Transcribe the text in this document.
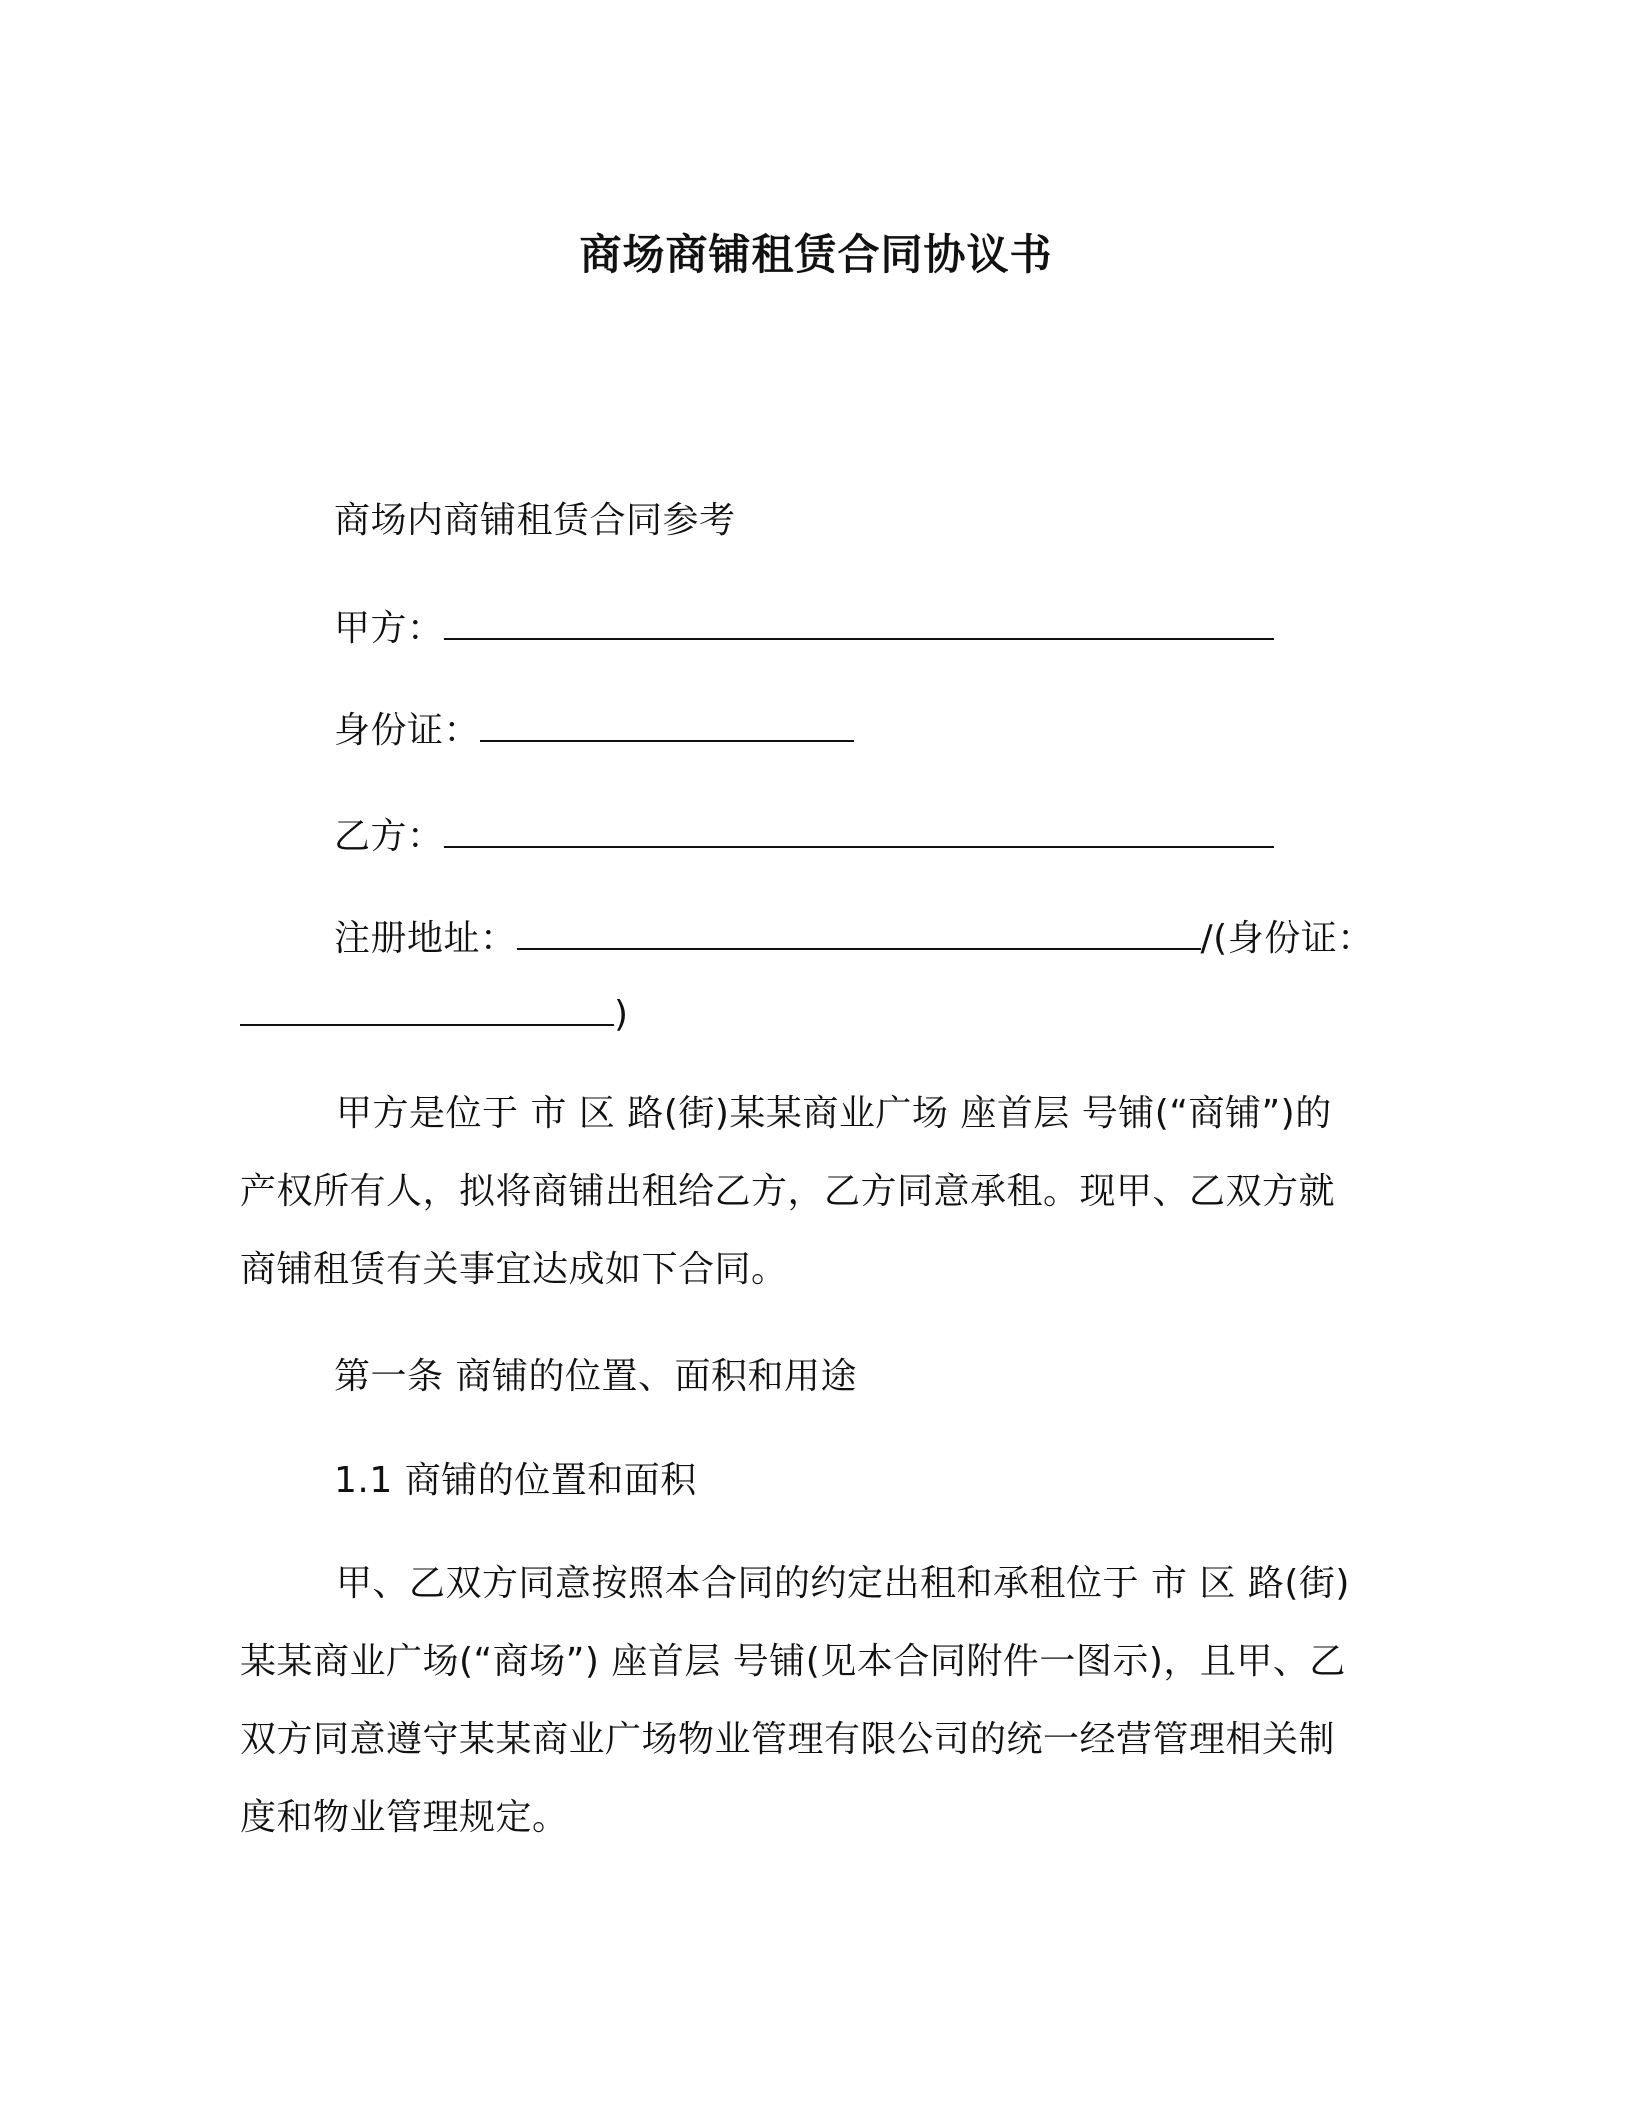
商场商铺租赁合同协议书

商场内商铺租赁合同参考

甲方：

身份证：

乙方：

注册地址：	/(身份证：

)

甲方是位于 市 区 路(街)某某商业广场 座首层 号铺(“商铺”)的产权所有人，拟将商铺出租给乙方，乙方同意承租。现甲、乙双方就商铺租赁有关事宜达成如下合同。

第一条 商铺的位置、面积和用途

1.1 商铺的位置和面积

甲、乙双方同意按照本合同的约定出租和承租位于 市 区 路(街)某某商业广场(“商场”) 座首层 号铺(见本合同附件一图示)，且甲、乙双方同意遵守某某商业广场物业管理有限公司的统一经营管理相关制度和物业管理规定。
